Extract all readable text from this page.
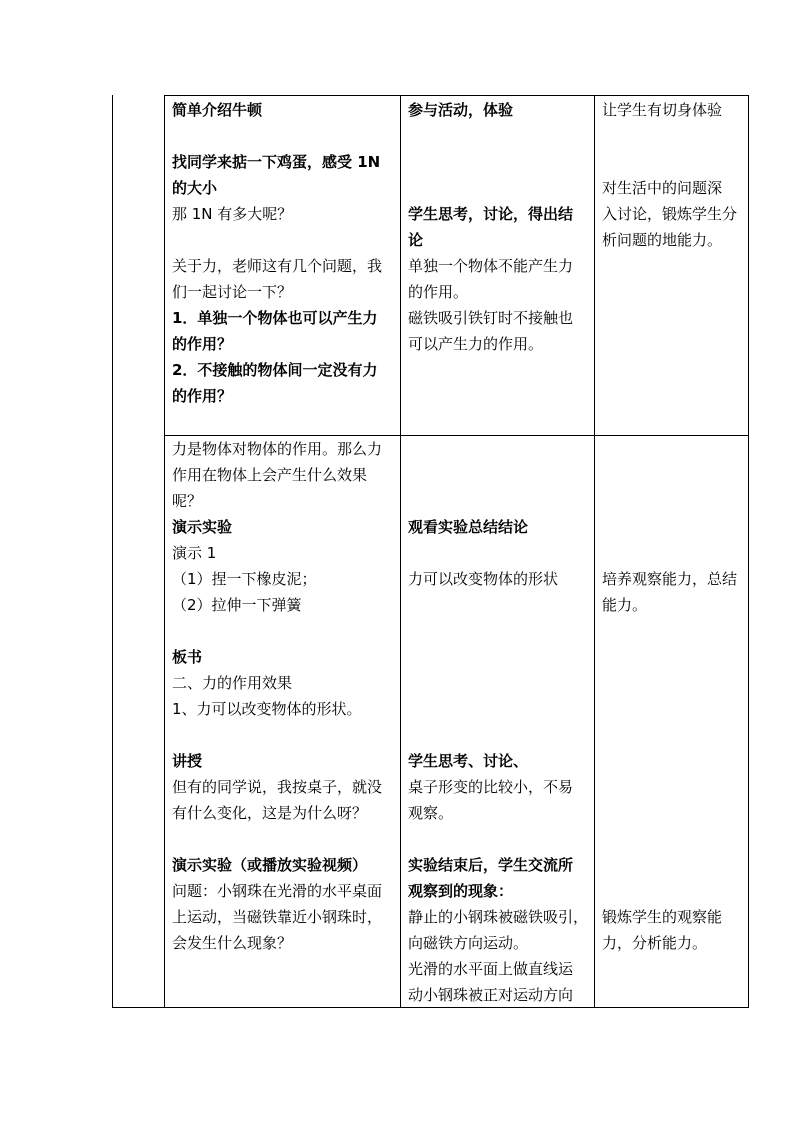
简单介绍牛顿
找同学来掂一下鸡蛋，感受 1N
的大小
那 1N 有多大呢？
关于力，老师这有几个问题，我
们一起讨论一下？
1．单独一个物体也可以产生力
的作用？
2．不接触的物体间一定没有力
的作用？
参与活动，体验
学生思考，讨论，得出结
论
单独一个物体不能产生力
的作用。
磁铁吸引铁钉时不接触也
可以产生力的作用。
让学生有切身体验
对生活中的问题深
入讨论，锻炼学生分
析问题的地能力。
力是物体对物体的作用。那么力
作用在物体上会产生什么效果
呢？
演示实验
演示 1
（1）捏一下橡皮泥；
（2）拉伸一下弹簧
板书
二、力的作用效果
1、力可以改变物体的形状。
讲授
但有的同学说，我按桌子，就没
有什么变化，这是为什么呀？
演示实验（或播放实验视频）
问题：小钢珠在光滑的水平桌面
上运动，当磁铁靠近小钢珠时，
会发生什么现象？
观看实验总结结论
力可以改变物体的形状
学生思考、讨论、
桌子形变的比较小，不易
观察。
实验结束后，学生交流所
观察到的现象：
静止的小钢珠被磁铁吸引，
向磁铁方向运动。
光滑的水平面上做直线运
动小钢珠被正对运动方向
培养观察能力，总结
能力。
锻炼学生的观察能
力，分析能力。
